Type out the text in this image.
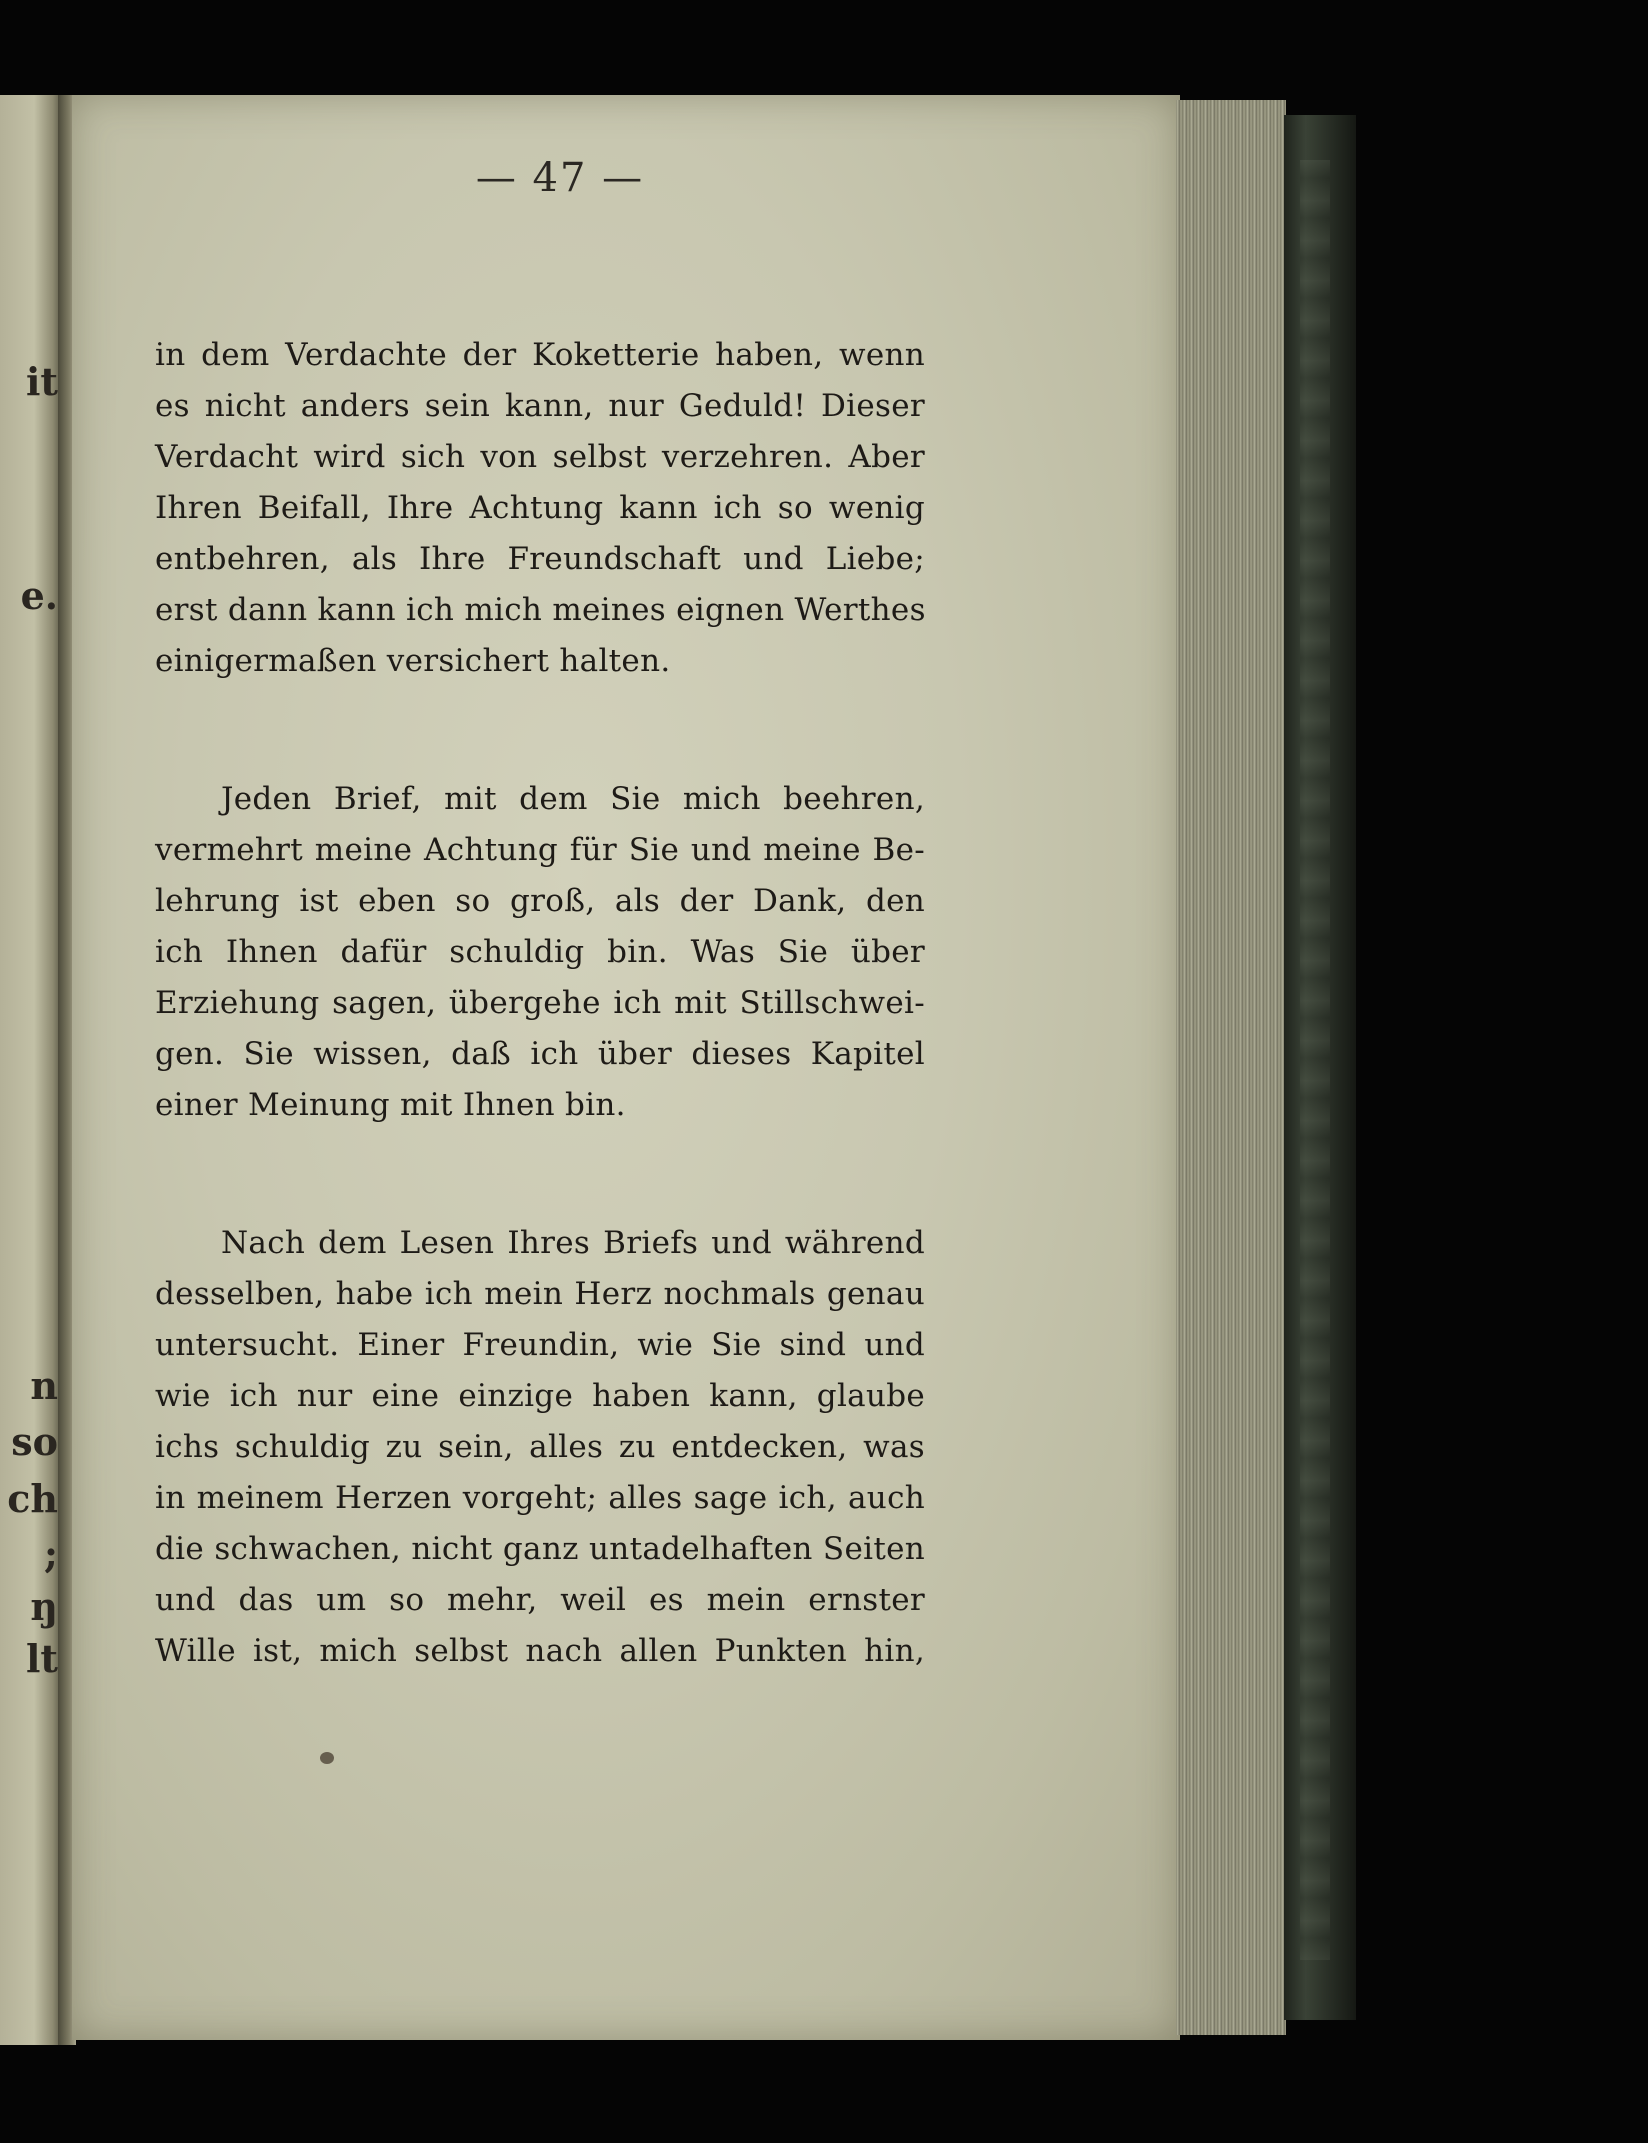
it
e.
n
so
ch
;
ŋ
lt
— 47 —
in dem Verdachte der Koketterie haben, wenn
es nicht anders sein kann, nur Geduld! Dieser
Verdacht wird sich von selbst verzehren. Aber
Ihren Beifall, Ihre Achtung kann ich so wenig
entbehren, als Ihre Freundschaft und Liebe;
erst dann kann ich mich meines eignen Werthes
einigermaßen versichert halten.
Jeden Brief, mit dem Sie mich beehren,
vermehrt meine Achtung für Sie und meine Be-
lehrung ist eben so groß, als der Dank, den
ich Ihnen dafür schuldig bin. Was Sie über
Erziehung sagen, übergehe ich mit Stillschwei-
gen. Sie wissen, daß ich über dieses Kapitel
einer Meinung mit Ihnen bin.
Nach dem Lesen Ihres Briefs und während
desselben, habe ich mein Herz nochmals genau
untersucht. Einer Freundin, wie Sie sind und
wie ich nur eine einzige haben kann, glaube
ichs schuldig zu sein, alles zu entdecken, was
in meinem Herzen vorgeht; alles sage ich, auch
die schwachen, nicht ganz untadelhaften Seiten
und das um so mehr, weil es mein ernster
Wille ist, mich selbst nach allen Punkten hin,
